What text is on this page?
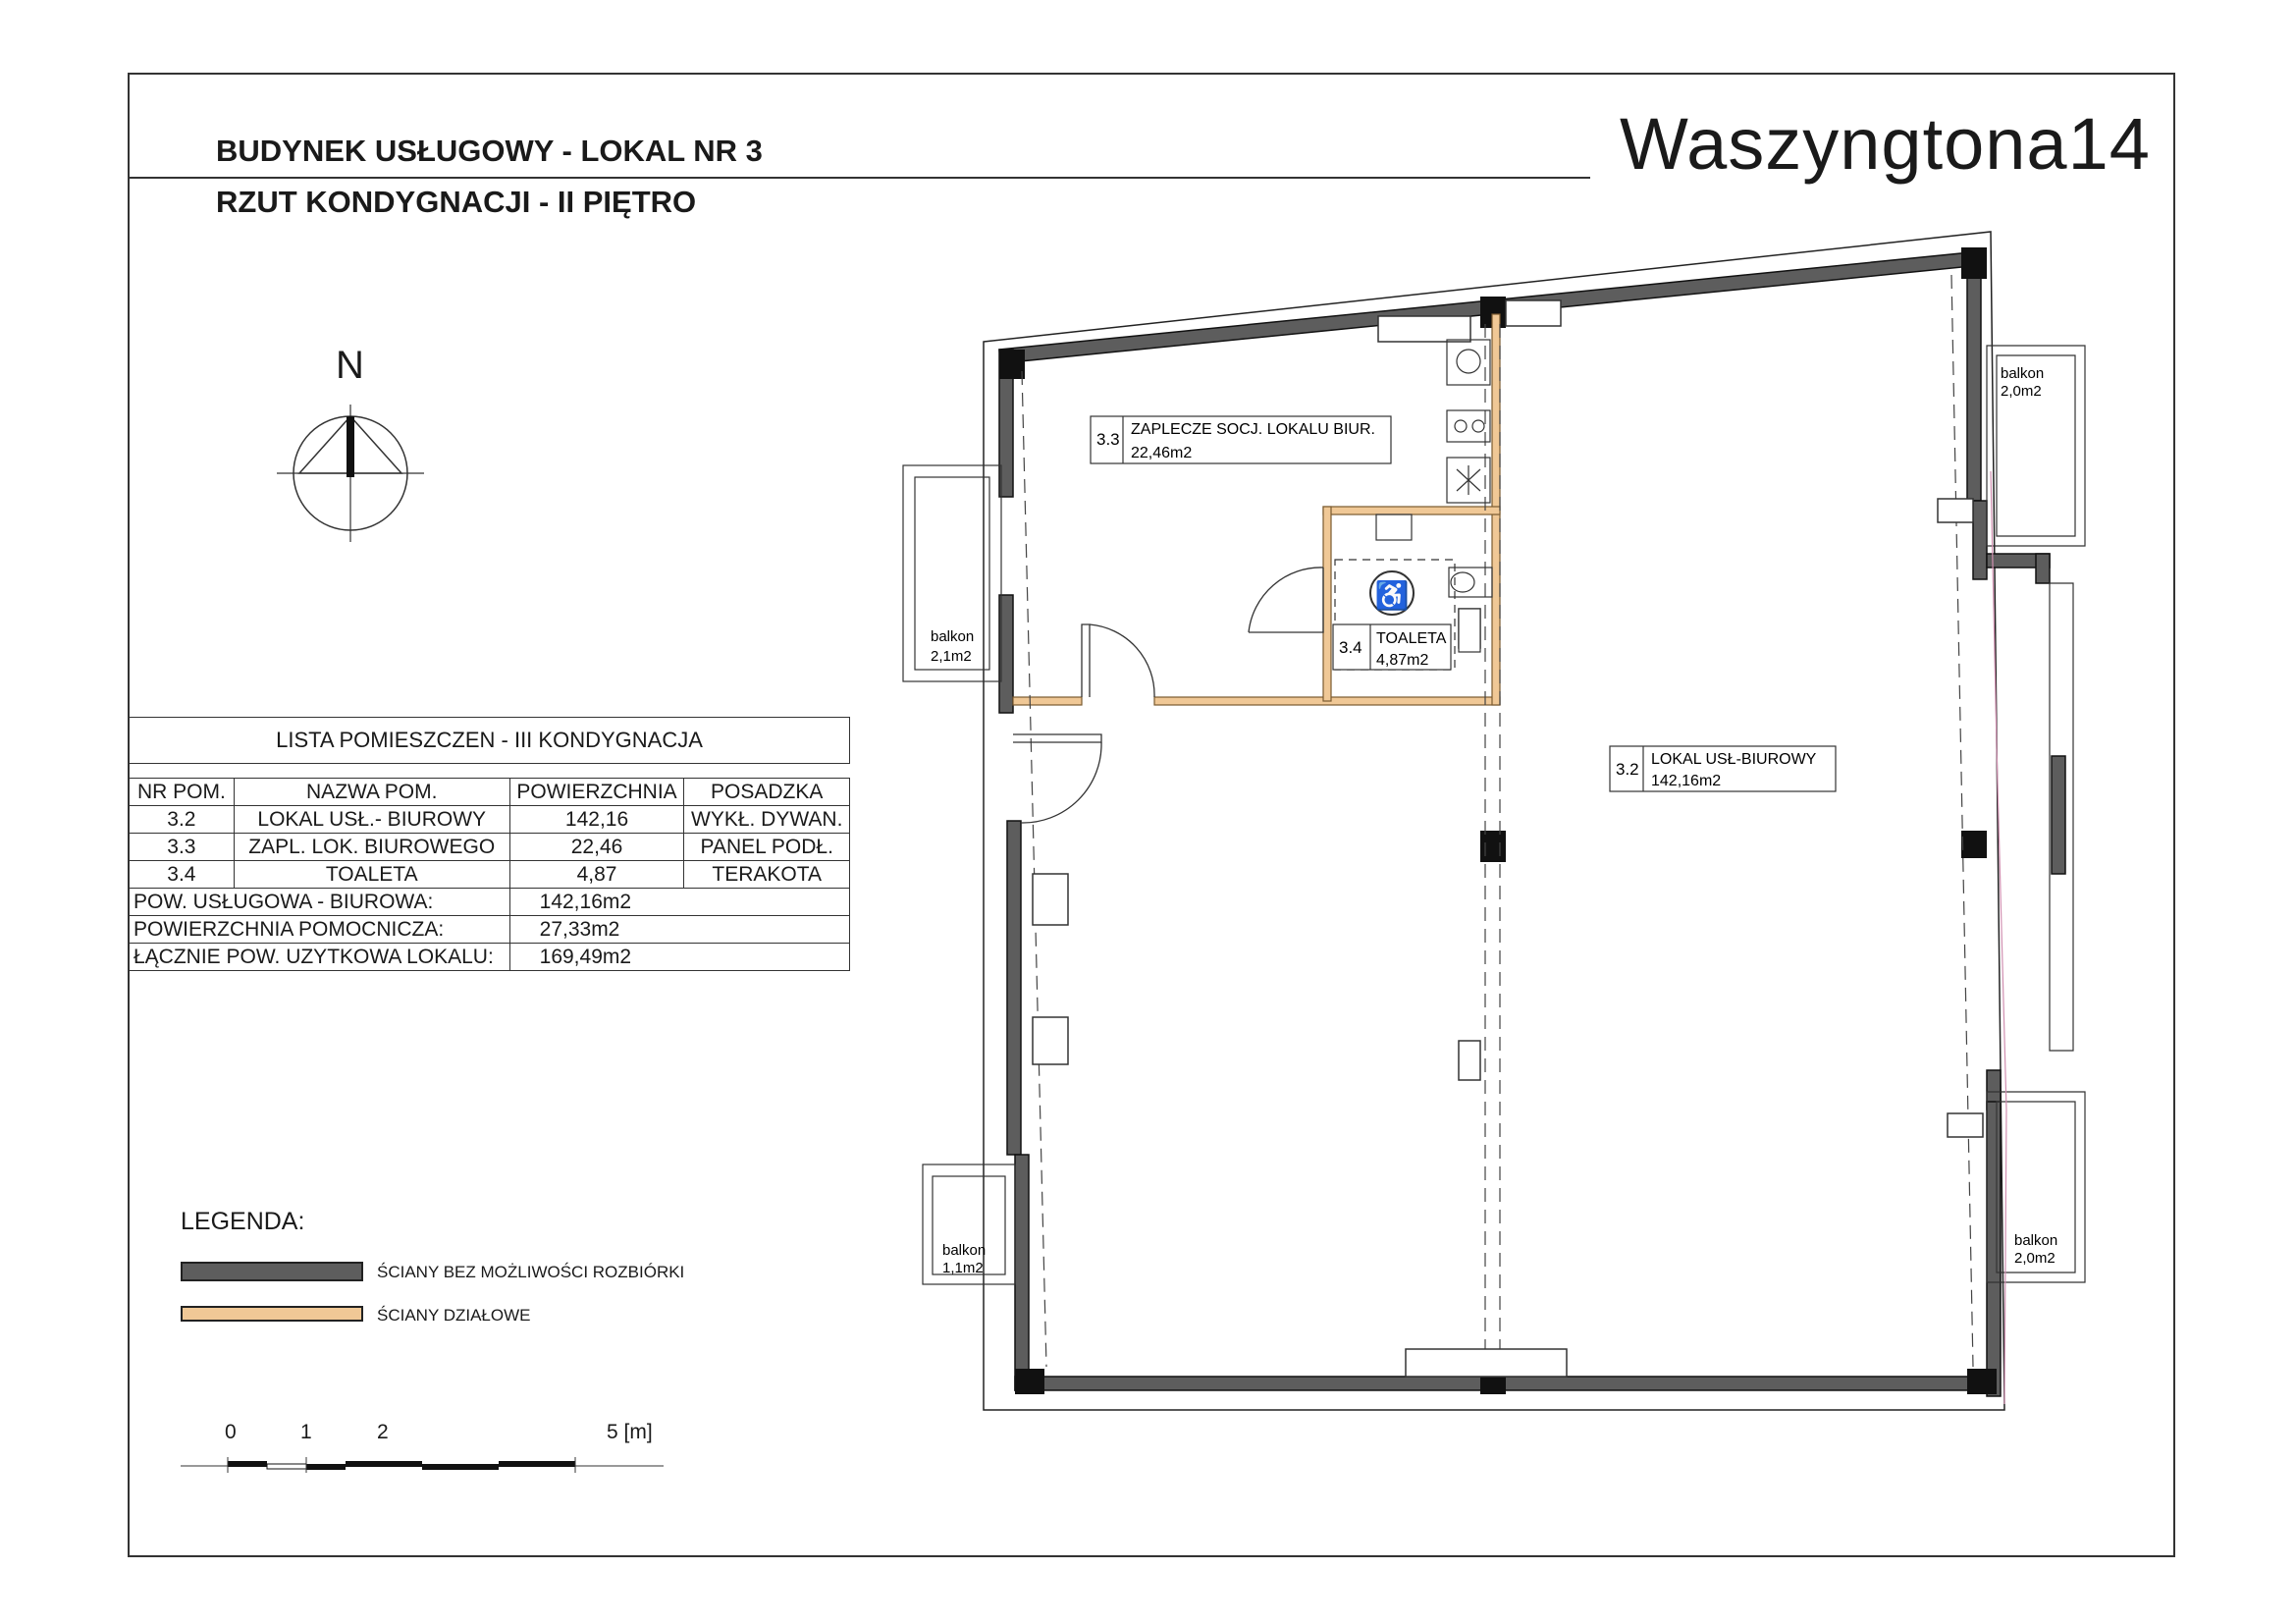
BUDYNEK USŁUGOWY - LOKAL NR 3
RZUT KONDYGNACJI - II PIĘTRO
Waszyngtona14
N
LISTA POMIESZCZEN - III KONDYGNACJA			

NR POM.	NAZWA POM.	POWIERZCHNIA	POSADZKA
3.2	LOKAL USŁ.- BIUROWY	142,16	WYKŁ. DYWAN.
3.3	ZAPL. LOK. BIUROWEGO	22,46	PANEL PODŁ.
3.4	TOALETA	4,87	TERAKOTA
POW. USŁUGOWA - BIUROWA:		142,16m2	
POWIERZCHNIA POMOCNICZA:		27,33m2	
ŁĄCZNIE POW. UZYTKOWA LOKALU:		169,49m2	
LEGENDA:
ŚCIANY BEZ MOŻLIWOŚCI ROZBIÓRKI
ŚCIANY DZIAŁOWE
0	1	2	5 [m]
♿
3.3
ZAPLECZE SOCJ. LOKALU BIUR.
22,46m2
3.4 TOALETA
4,87m2
3.2
LOKAL USŁ-BIUROWY
142,16m2
balkon
2,1m2
balkon
1,1m2
balkon
2,0m2
balkon
2,0m2
